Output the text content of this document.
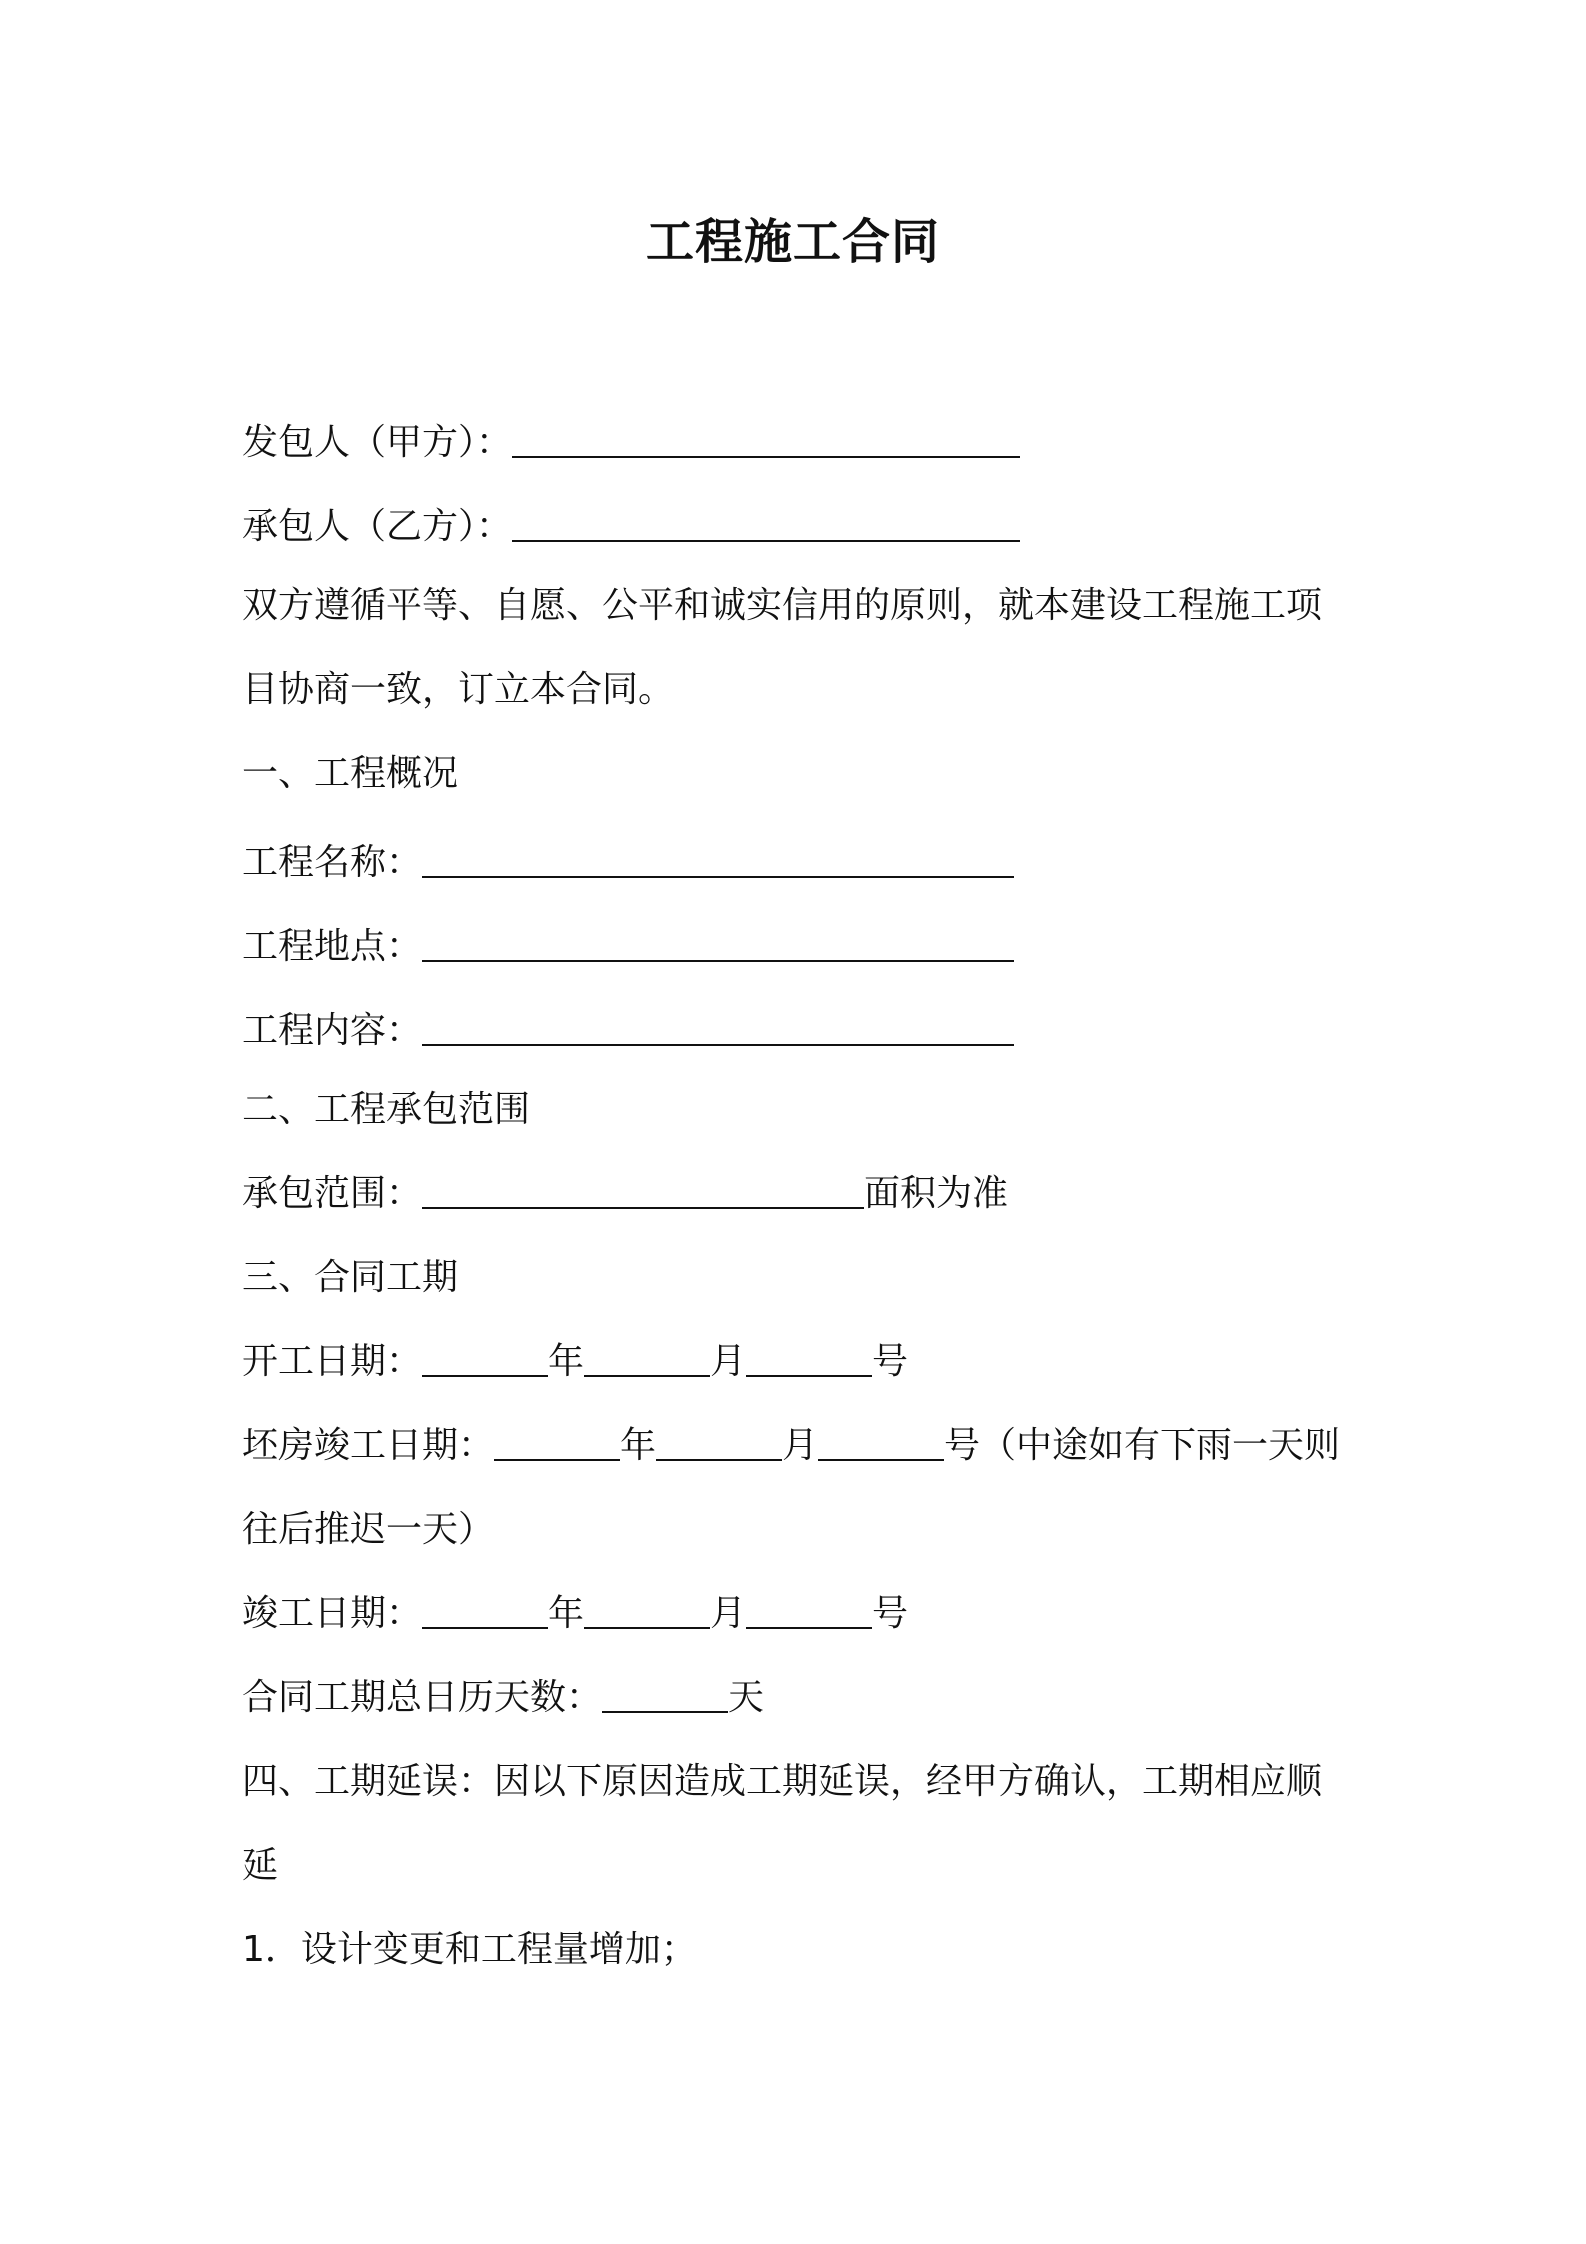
工程施工合同
发包人（甲方）：
承包人（乙方）：
双方遵循平等、自愿、公平和诚实信用的原则，就本建设工程施工项
目协商一致，订立本合同。
一、工程概况
工程名称：
工程地点：
工程内容：
二、工程承包范围
承包范围：	面积为准
三、合同工期
开工日期：	年	月	号
坯房竣工日期：	年	月	号（中途如有下雨一天则
往后推迟一天）
竣工日期：	年	月	号
合同工期总日历天数：	天
四、工期延误：因以下原因造成工期延误，经甲方确认，工期相应顺
延
1．设计变更和工程量增加；
